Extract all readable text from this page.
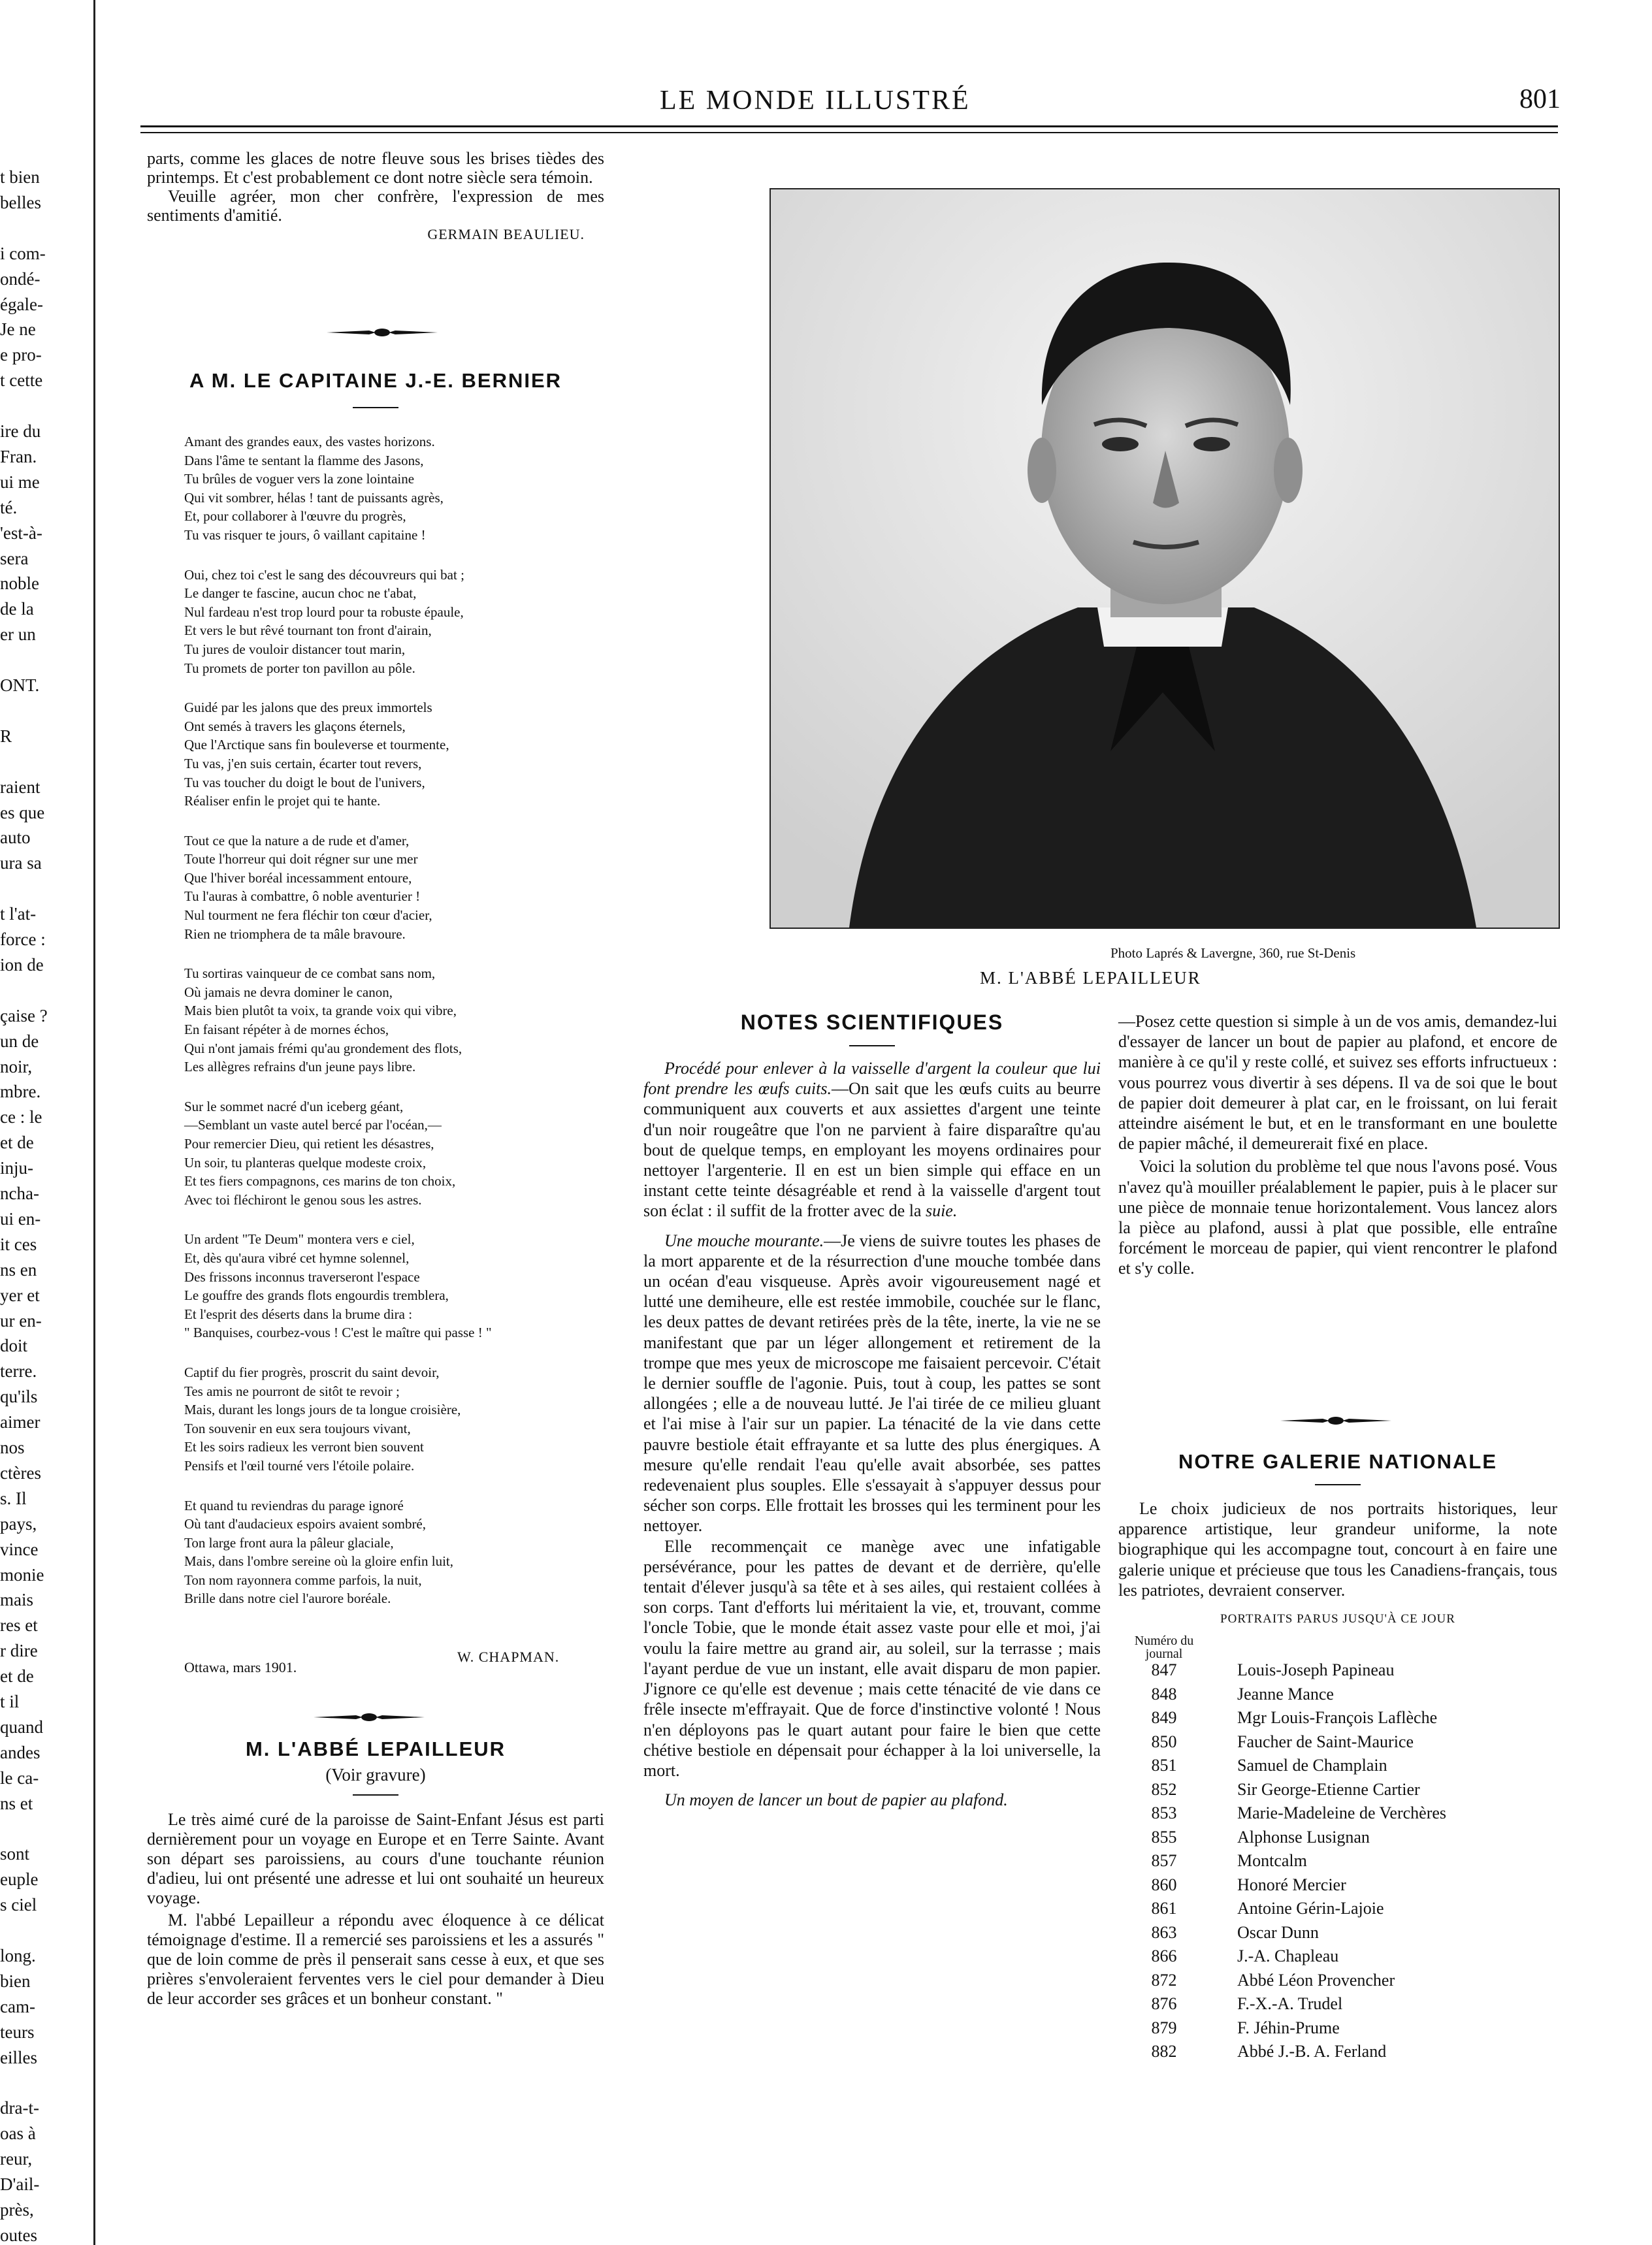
t bien
belles
i com-
ondé-
égale-
Je ne
e pro-
t cette
ire du
Fran.
ui me
té.
'est-à-
sera
noble
de la
er un
ONT.
R
raient
es que
auto
ura sa
t l'at-
force :
ion de
çaise ?
un de
noir,
mbre.
ce : le
et de
inju-
ncha-
ui en-
it ces
ns en
yer et
ur en-
doit
terre.
qu'ils
aimer
nos
ctères
s. Il
pays,
vince
monie
mais
res et
r dire
et de
t il
quand
andes
le ca-
ns et
sont
euple
s ciel
long.
bien
cam-
teurs
eilles
dra-t-
oas à
reur,
D'ail-
près,
outes
LE MONDE ILLUSTRÉ	801

parts, comme les glaces de notre fleuve sous les brises tièdes des printemps. Et c'est probablement ce dont notre siècle sera témoin.

Veuille agréer, mon cher confrère, l'expression de mes sentiments d'amitié.

GERMAIN BEAULIEU.
A M. LE CAPITAINE J.-E. BERNIER

Amant des grandes eaux, des vastes horizons.
Dans l'âme te sentant la flamme des Jasons,
Tu brûles de voguer vers la zone lointaine
Qui vit sombrer, hélas ! tant de puissants agrès,
Et, pour collaborer à l'œuvre du progrès,
Tu vas risquer te jours, ô vaillant capitaine !

Oui, chez toi c'est le sang des découvreurs qui bat ;
Le danger te fascine, aucun choc ne t'abat,
Nul fardeau n'est trop lourd pour ta robuste épaule,
Et vers le but rêvé tournant ton front d'airain,
Tu jures de vouloir distancer tout marin,
Tu promets de porter ton pavillon au pôle.

Guidé par les jalons que des preux immortels
Ont semés à travers les glaçons éternels,
Que l'Arctique sans fin bouleverse et tourmente,
Tu vas, j'en suis certain, écarter tout revers,
Tu vas toucher du doigt le bout de l'univers,
Réaliser enfin le projet qui te hante.

Tout ce que la nature a de rude et d'amer,
Toute l'horreur qui doit régner sur une mer
Que l'hiver boréal incessamment entoure,
Tu l'auras à combattre, ô noble aventurier !
Nul tourment ne fera fléchir ton cœur d'acier,
Rien ne triomphera de ta mâle bravoure.

Tu sortiras vainqueur de ce combat sans nom,
Où jamais ne devra dominer le canon,
Mais bien plutôt ta voix, ta grande voix qui vibre,
En faisant répéter à de mornes échos,
Qui n'ont jamais frémi qu'au grondement des flots,
Les allègres refrains d'un jeune pays libre.

Sur le sommet nacré d'un iceberg géant,
—Semblant un vaste autel bercé par l'océan,—
Pour remercier Dieu, qui retient les désastres,
Un soir, tu planteras quelque modeste croix,
Et tes fiers compagnons, ces marins de ton choix,
Avec toi fléchiront le genou sous les astres.

Un ardent "Te Deum" montera vers e ciel,
Et, dès qu'aura vibré cet hymne solennel,
Des frissons inconnus traverseront l'espace
Le gouffre des grands flots engourdis tremblera,
Et l'esprit des déserts dans la brume dira :
" Banquises, courbez-vous ! C'est le maître qui passe ! "

Captif du fier progrès, proscrit du saint devoir,
Tes amis ne pourront de sitôt te revoir ;
Mais, durant les longs jours de ta longue croisière,
Ton souvenir en eux sera toujours vivant,
Et les soirs radieux les verront bien souvent
Pensifs et l'œil tourné vers l'étoile polaire.

Et quand tu reviendras du parage ignoré
Où tant d'audacieux espoirs avaient sombré,
Ton large front aura la pâleur glaciale,
Mais, dans l'ombre sereine où la gloire enfin luit,
Ton nom rayonnera comme parfois, la nuit,
Brille dans notre ciel l'aurore boréale.

W. CHAPMAN.
Ottawa, mars 1901.
M. L'ABBÉ LEPAILLEUR
(Voir gravure)

Le très aimé curé de la paroisse de Saint-Enfant Jésus est parti dernièrement pour un voyage en Europe et en Terre Sainte. Avant son départ ses paroissiens, au cours d'une touchante réunion d'adieu, lui ont présenté une adresse et lui ont souhaité un heureux voyage.

M. l'abbé Lepailleur a répondu avec éloquence à ce délicat témoignage d'estime. Il a remercié ses paroissiens et les a assurés " que de loin comme de près il penserait sans cesse à eux, et que ses prières s'envoleraient ferventes vers le ciel pour demander à Dieu de leur accorder ses grâces et un bonheur constant. "

Photo Laprés & Lavergne, 360, rue St-Denis
M. L'ABBÉ LEPAILLEUR
NOTES SCIENTIFIQUES

Procédé pour enlever à la vaisselle d'argent la couleur que lui font prendre les œufs cuits.—On sait que les œufs cuits au beurre communiquent aux couverts et aux assiettes d'argent une teinte d'un noir rougeâtre que l'on ne parvient à faire disparaître qu'au bout de quelque temps, en employant les moyens ordinaires pour nettoyer l'argenterie. Il en est un bien simple qui efface en un instant cette teinte désagréable et rend à la vaisselle d'argent tout son éclat : il suffit de la frotter avec de la suie.

Une mouche mourante.—Je viens de suivre toutes les phases de la mort apparente et de la résurrection d'une mouche tombée dans un océan d'eau visqueuse. Après avoir vigoureusement nagé et lutté une demiheure, elle est restée immobile, couchée sur le flanc, les deux pattes de devant retirées près de la tête, inerte, la vie ne se manifestant que par un léger allongement et retirement de la trompe que mes yeux de microscope me faisaient percevoir. C'était le dernier souffle de l'agonie. Puis, tout à coup, les pattes se sont allongées ; elle a de nouveau lutté. Je l'ai tirée de ce milieu gluant et l'ai mise à l'air sur un papier. La ténacité de la vie dans cette pauvre bestiole était effrayante et sa lutte des plus énergiques. A mesure qu'elle rendait l'eau qu'elle avait absorbée, ses pattes redevenaient plus souples. Elle s'essayait à s'appuyer dessus pour sécher son corps. Elle frottait les brosses qui les terminent pour les nettoyer.

Elle recommençait ce manège avec une infatigable persévérance, pour les pattes de devant et de derrière, qu'elle tentait d'élever jusqu'à sa tête et à ses ailes, qui restaient collées à son corps. Tant d'efforts lui méritaient la vie, et, trouvant, comme l'oncle Tobie, que le monde était assez vaste pour elle et moi, j'ai voulu la faire mettre au grand air, au soleil, sur la terrasse ; mais l'ayant perdue de vue un instant, elle avait disparu de mon papier. J'ignore ce qu'elle est devenue ; mais cette ténacité de vie dans ce frêle insecte m'effrayait. Que de force d'instinctive volonté ! Nous n'en déployons pas le quart autant pour faire le bien que cette chétive bestiole en dépensait pour échapper à la loi universelle, la mort.

Un moyen de lancer un bout de papier au plafond.

—Posez cette question si simple à un de vos amis, demandez-lui d'essayer de lancer un bout de papier au plafond, et encore de manière à ce qu'il y reste collé, et suivez ses efforts infructueux : vous pourrez vous divertir à ses dépens. Il va de soi que le bout de papier doit demeurer à plat car, en le froissant, on lui ferait atteindre aisément le but, et en le transformant en une boulette de papier mâché, il demeurerait fixé en place.

Voici la solution du problème tel que nous l'avons posé. Vous n'avez qu'à mouiller préalablement le papier, puis à le placer sur une pièce de monnaie tenue horizontalement. Vous lancez alors la pièce au plafond, aussi à plat que possible, elle entraîne forcément le morceau de papier, qui vient rencontrer le plafond et s'y colle.

NOTRE GALERIE NATIONALE

Le choix judicieux de nos portraits historiques, leur apparence artistique, leur grandeur uniforme, la note biographique qui les accompagne tout, concourt à en faire une galerie unique et précieuse que tous les Canadiens-français, tous les patriotes, devraient conserver.

PORTRAITS PARUS JUSQU'À CE JOUR
Numéro du
journal
847		Louis-Joseph Papineau
848		Jeanne Mance
849		Mgr Louis-François Laflèche
850		Faucher de Saint-Maurice
851		Samuel de Champlain
852		Sir George-Etienne Cartier
853		Marie-Madeleine de Verchères
855		Alphonse Lusignan
857		Montcalm
860		Honoré Mercier
861		Antoine Gérin-Lajoie
863		Oscar Dunn
866		J.-A. Chapleau
872		Abbé Léon Provencher
876		F.-X.-A. Trudel
879		F. Jéhin-Prume
882		Abbé J.-B. A. Ferland
